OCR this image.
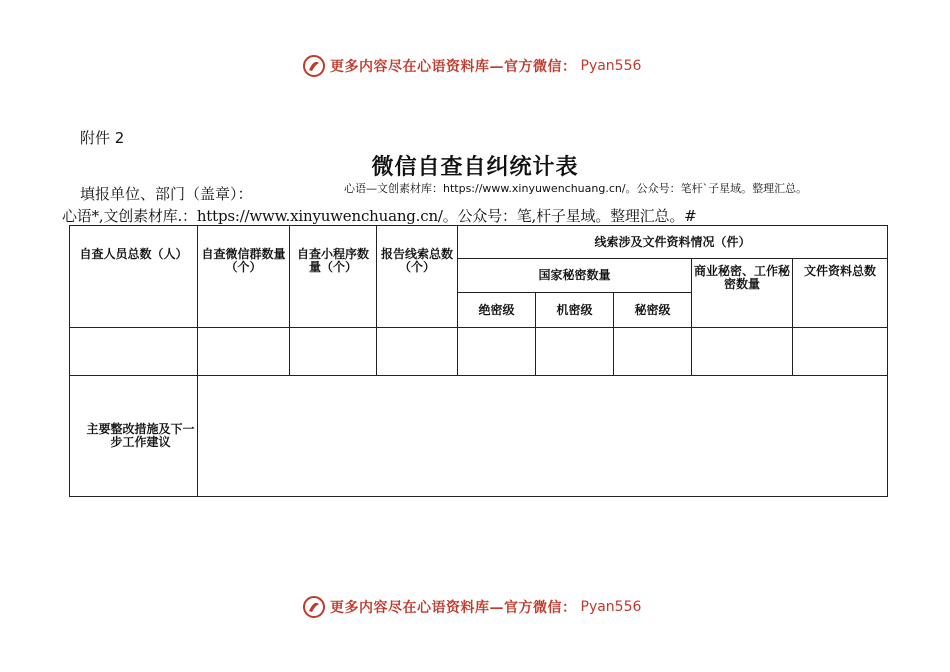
更多内容尽在心语资料库—官方微信： Pyan556
附件 2
微信自查自纠统计表
填报单位、部门（盖章）：	心语—文创素材库：https://www.xinyuwenchuang.cn/。公众号：笔杆`子星域。整理汇总。
心语*,文创素材库.：https://www.xinyuwenchuang.cn/。公众号：笔,杆子星域。整理汇总。#
自查人员总数（人）	自查微信群数量（个）	自查小程序数量（个）	报告线索总数（个）	线索涉及文件资料情况（件）				
				国家秘密数量			商业秘密、工作秘密数量	文件资料总数
				绝密级	机密级	秘密级		

主要整改措施及下一步工作建议								
更多内容尽在心语资料库—官方微信： Pyan556
